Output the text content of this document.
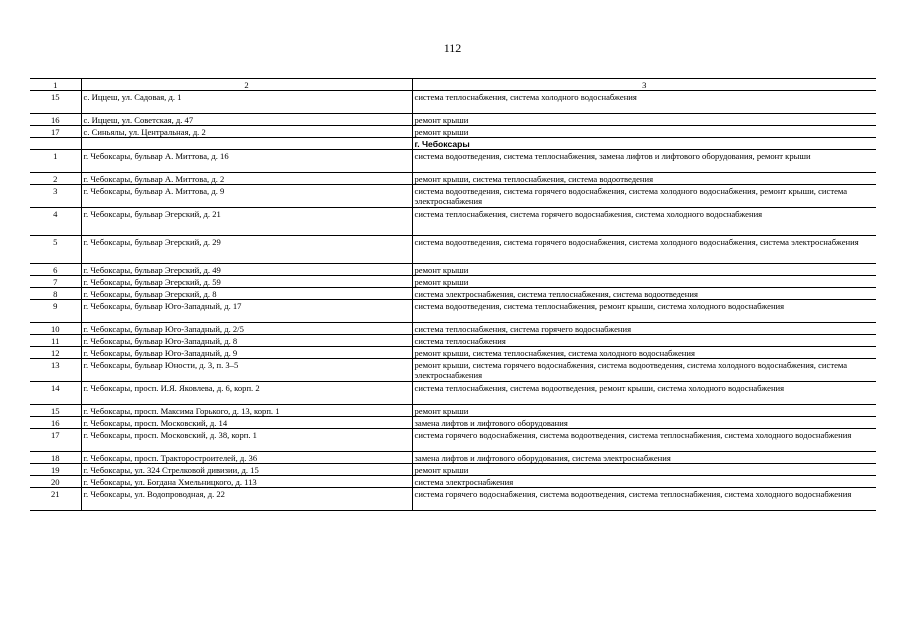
112
1	2	3
15	с. Иццеш, ул. Садовая, д. 1	система теплоснабжения, система холодного водоснабжения
16	с. Иццеш, ул. Советская, д. 47	ремонт крыши
17	с. Синьялы, ул. Центральная, д. 2	ремонт крыши
		г. Чебоксары
1	г. Чебоксары, бульвар А. Миттова, д. 16	система водоотведения, система теплоснабжения, замена лифтов и лифтового оборудования, ремонт крыши
2	г. Чебоксары, бульвар А. Миттова, д. 2	ремонт крыши, система теплоснабжения, система водоотведения
3	г. Чебоксары, бульвар А. Миттова, д. 9	система водоотведения, система горячего водоснабжения, система холодного водоснабжения, ремонт крыши, система электроснабжения
4	г. Чебоксары, бульвар Эгерский, д. 21	система теплоснабжения, система горячего водоснабжения, система холодного водоснабжения
5	г. Чебоксары, бульвар Эгерский, д. 29	система водоотведения, система горячего водоснабжения, система холодного водоснабжения, система электроснабжения
6	г. Чебоксары, бульвар Эгерский, д. 49	ремонт крыши
7	г. Чебоксары, бульвар Эгерский, д. 59	ремонт крыши
8	г. Чебоксары, бульвар Эгерский, д. 8	система электроснабжения, система теплоснабжения, система водоотведения
9	г. Чебоксары, бульвар Юго-Западный, д. 17	система водоотведения, система теплоснабжения, ремонт крыши, система холодного водоснабжения
10	г. Чебоксары, бульвар Юго-Западный, д. 2/5	система теплоснабжения, система горячего водоснабжения
11	г. Чебоксары, бульвар Юго-Западный, д. 8	система теплоснабжения
12	г. Чебоксары, бульвар Юго-Западный, д. 9	ремонт крыши, система теплоснабжения, система холодного водоснабжения
13	г. Чебоксары, бульвар Юности, д. 3, п. 3–5	ремонт крыши, система горячего водоснабжения, система водоотведения, система холодного водоснабжения, система электроснабжения
14	г. Чебоксары, просп. И.Я. Яковлева, д. 6, корп. 2	система теплоснабжения, система водоотведения, ремонт крыши, система холодного водоснабжения
15	г. Чебоксары, просп. Максима Горького, д. 13, корп. 1	ремонт крыши
16	г. Чебоксары, просп. Московский, д. 14	замена лифтов и лифтового оборудования
17	г. Чебоксары, просп. Московский, д. 38, корп. 1	система горячего водоснабжения, система водоотведения, система теплоснабжения, система холодного водоснабжения
18	г. Чебоксары, просп. Тракторостроителей, д. 36	замена лифтов и лифтового оборудования, система электроснабжения
19	г. Чебоксары, ул. 324 Стрелковой дивизии, д. 15	ремонт крыши
20	г. Чебоксары, ул. Богдана Хмельницкого, д. 113	система электроснабжения
21	г. Чебоксары, ул. Водопроводная, д. 22	система горячего водоснабжения, система водоотведения, система теплоснабжения, система холодного водоснабжения
